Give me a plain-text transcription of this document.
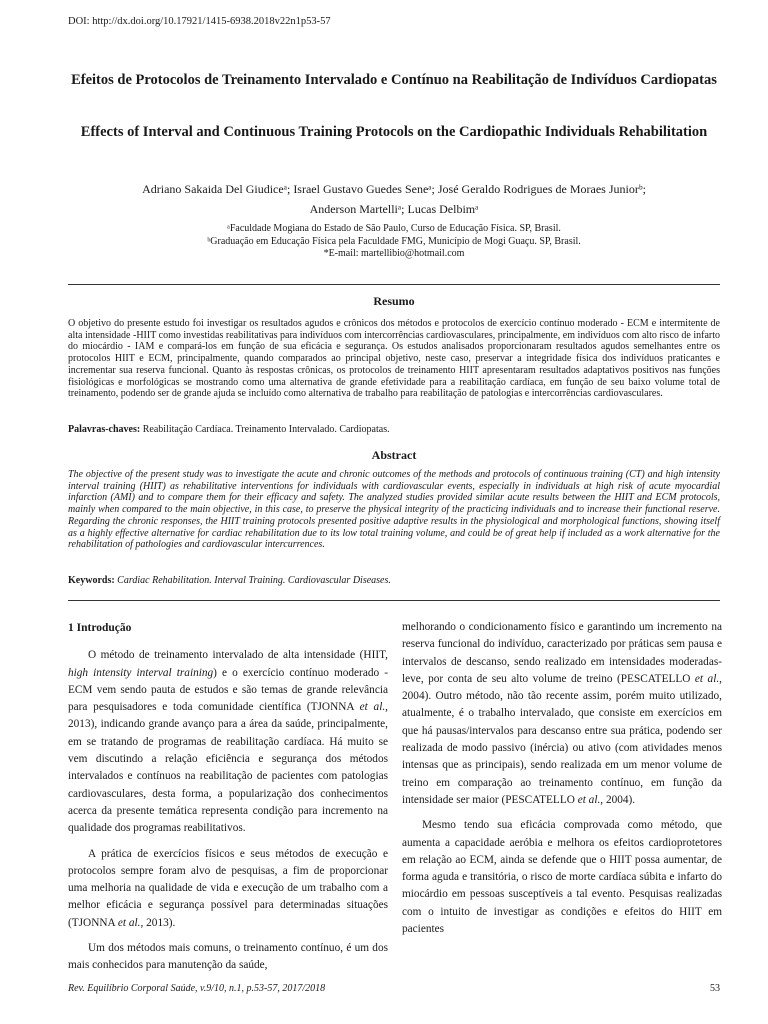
DOI: http://dx.doi.org/10.17921/1415-6938.2018v22n1p53-57
Efeitos de Protocolos de Treinamento Intervalado e Contínuo na Reabilitação de Indivíduos Cardiopatas
Effects of Interval and Continuous Training Protocols on the Cardiopathic Individuals Rehabilitation
Adriano Sakaida Del Giudiceᵃ; Israel Gustavo Guedes Seneᵃ; José Geraldo Rodrigues de Moraes Juniorᵇ;
Anderson Martelliᵃ; Lucas Delbimᵃ
ᵃFaculdade Mogiana do Estado de São Paulo, Curso de Educação Física. SP, Brasil.
ᵇGraduação em Educação Física pela Faculdade FMG, Município de Mogi Guaçu. SP, Brasil.
*E-mail: martellibio@hotmail.com
Resumo
O objetivo do presente estudo foi investigar os resultados agudos e crônicos dos métodos e protocolos de exercício contínuo moderado - ECM e intermitente de alta intensidade -HIIT como investidas reabilitativas para indivíduos com intercorrências cardiovasculares, principalmente, em indivíduos com alto risco de infarto do miocárdio - IAM e compará-los em função de sua eficácia e segurança. Os estudos analisados proporcionaram resultados agudos semelhantes entre os protocolos HIIT e ECM, principalmente, quando comparados ao principal objetivo, neste caso, preservar a integridade física dos indivíduos praticantes e incrementar sua reserva funcional. Quanto às respostas crônicas, os protocolos de treinamento HIIT apresentaram resultados adaptativos positivos nas funções fisiológicas e morfológicas se mostrando como uma alternativa de grande efetividade para a reabilitação cardíaca, em função de seu baixo volume total de treinamento, podendo ser de grande ajuda se incluído como alternativa de trabalho para reabilitação de patologias e intercorrências cardiovasculares.
Palavras-chaves: Reabilitação Cardíaca. Treinamento Intervalado. Cardiopatas.
Abstract
The objective of the present study was to investigate the acute and chronic outcomes of the methods and protocols of continuous training (CT) and high intensity interval training (HIIT) as rehabilitative interventions for individuals with cardiovascular events, especially in individuals at high risk of acute myocardial infarction (AMI) and to compare them for their efficacy and safety. The analyzed studies provided similar acute results between the HIIT and ECM protocols, mainly when compared to the main objective, in this case, to preserve the physical integrity of the practicing individuals and to increase their functional reserve. Regarding the chronic responses, the HIIT training protocols presented positive adaptive results in the physiological and morphological functions, showing itself as a highly effective alternative for cardiac rehabilitation due to its low total training volume, and could be of great help if included as a work alternative for the rehabilitation of pathologies and cardiovascular intercurrences.
Keywords: Cardiac Rehabilitation. Interval Training. Cardiovascular Diseases.
1 Introdução

O método de treinamento intervalado de alta intensidade (HIIT, high intensity interval training) e o exercício contínuo moderado - ECM vem sendo pauta de estudos e são temas de grande relevância para pesquisadores e toda comunidade científica (TJONNA et al., 2013), indicando grande avanço para a área da saúde, principalmente, em se tratando de programas de reabilitação cardíaca. Há muito se vem discutindo a relação eficiência e segurança dos métodos intervalados e contínuos na reabilitação de pacientes com patologias cardiovasculares, desta forma, a popularização dos conhecimentos acerca da presente temática representa condição para incremento na qualidade dos programas reabilitativos.

A prática de exercícios físicos e seus métodos de execução e protocolos sempre foram alvo de pesquisas, a fim de proporcionar uma melhoria na qualidade de vida e execução de um trabalho com a melhor eficácia e segurança possível para determinadas situações (TJONNA et al., 2013).

Um dos métodos mais comuns, o treinamento contínuo, é um dos mais conhecidos para manutenção da saúde,

melhorando o condicionamento físico e garantindo um incremento na reserva funcional do indivíduo, caracterizado por práticas sem pausa e intervalos de descanso, sendo realizado em intensidades moderadas-leve, por conta de seu alto volume de treino (PESCATELLO et al., 2004). Outro método, não tão recente assim, porém muito utilizado, atualmente, é o trabalho intervalado, que consiste em exercícios em que há pausas/intervalos para descanso entre sua prática, podendo ser realizada de modo passivo (inércia) ou ativo (com atividades menos intensas que as principais), sendo realizada em um menor volume de treino em comparação ao treinamento contínuo, em função da intensidade ser maior (PESCATELLO et al., 2004).

Mesmo tendo sua eficácia comprovada como método, que aumenta a capacidade aeróbia e melhora os efeitos cardioprotetores em relação ao ECM, ainda se defende que o HIIT possa aumentar, de forma aguda e transitória, o risco de morte cardíaca súbita e infarto do miocárdio em pessoas susceptíveis a tal evento. Pesquisas realizadas com o intuito de investigar as condições e efeitos do HIIT em pacientes

Rev. Equilíbrio Corporal Saúde, v.9/10, n.1, p.53-57, 2017/2018	53
